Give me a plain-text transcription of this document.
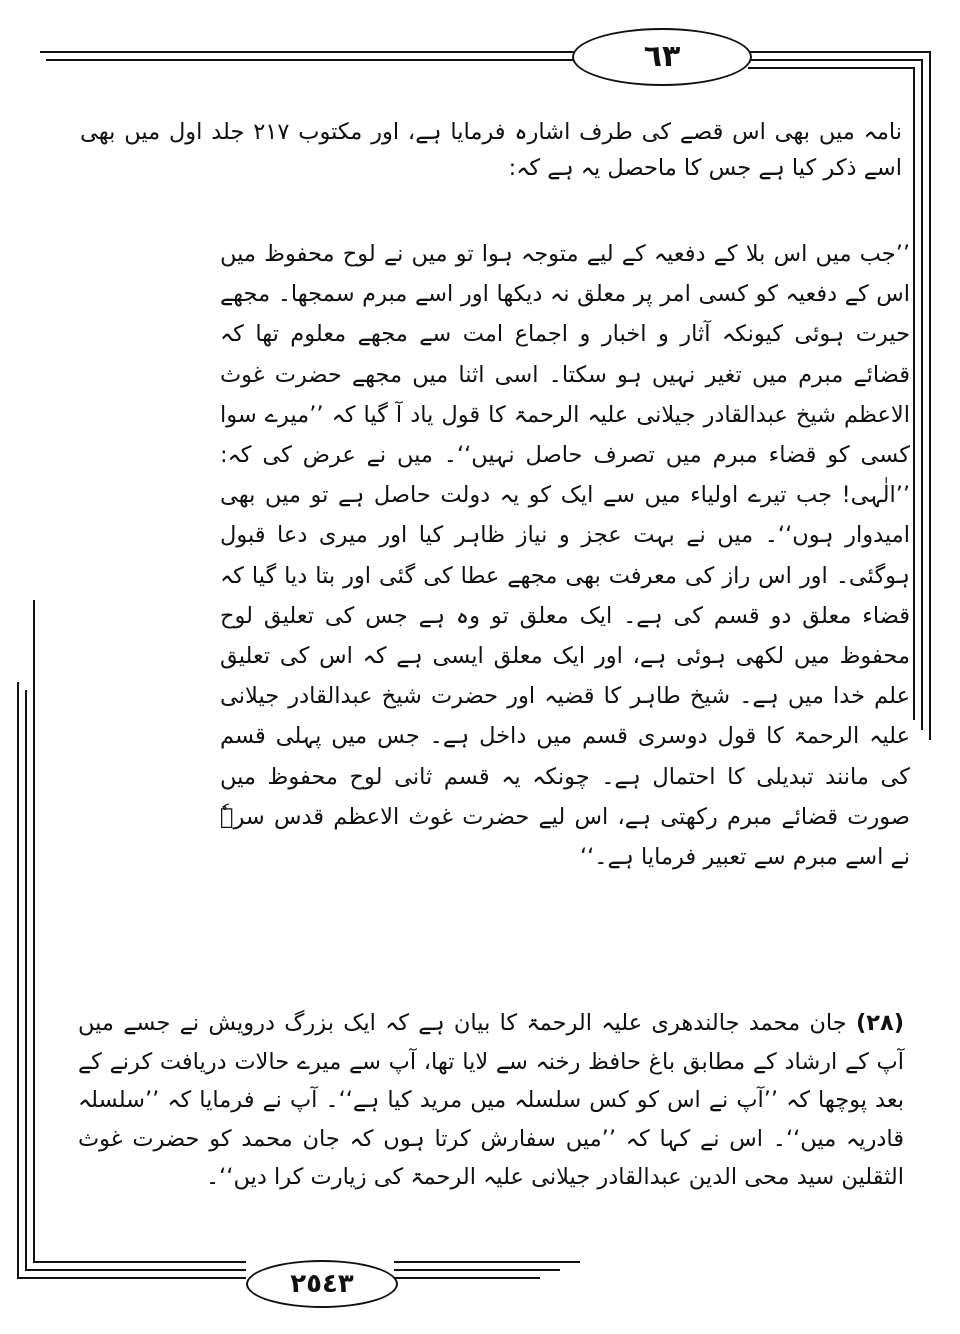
٦٣
٢٥٤٣
نامہ میں بھی اس قصے کی طرف اشارہ فرمایا ہے، اور مکتوب ۲۱۷ جلد اول میں بھی اسے ذکر کیا ہے جس کا ماحصل یہ ہے کہ:
’’جب میں اس بلا کے دفعیہ کے لیے متوجہ ہوا تو میں نے لوح محفوظ میں اس کے دفعیہ کو کسی امر پر معلق نہ دیکھا اور اسے مبرم سمجھا۔ مجھے حیرت ہوئی کیونکہ آثار و اخبار و اجماع امت سے مجھے معلوم تھا کہ قضائے مبرم میں تغیر نہیں ہو سکتا۔ اسی اثنا میں مجھے حضرت غوث الاعظم شیخ عبدالقادر جیلانی علیہ الرحمۃ کا قول یاد آ گیا کہ ’’میرے سوا کسی کو قضاء مبرم میں تصرف حاصل نہیں‘‘۔ میں نے عرض کی کہ: ’’الٰہی! جب تیرے اولیاء میں سے ایک کو یہ دولت حاصل ہے تو میں بھی امیدوار ہوں‘‘۔ میں نے بہت عجز و نیاز ظاہر کیا اور میری دعا قبول ہوگئی۔ اور اس راز کی معرفت بھی مجھے عطا کی گئی اور بتا دیا گیا کہ قضاء معلق دو قسم کی ہے۔ ایک معلق تو وہ ہے جس کی تعلیق لوح محفوظ میں لکھی ہوئی ہے، اور ایک معلق ایسی ہے کہ اس کی تعلیق علم خدا میں ہے۔ شیخ طاہر کا قضیہ اور حضرت شیخ عبدالقادر جیلانی علیہ الرحمۃ کا قول دوسری قسم میں داخل ہے۔ جس میں پہلی قسم کی مانند تبدیلی کا احتمال ہے۔ چونکہ یہ قسم ثانی لوح محفوظ میں صورت قضائے مبرم رکھتی ہے، اس لیے حضرت غوث الاعظم قدس سرہٗ نے اسے مبرم سے تعبیر فرمایا ہے۔‘‘
(۲۸) جان محمد جالندھری علیہ الرحمۃ کا بیان ہے کہ ایک بزرگ درویش نے جسے میں آپ کے ارشاد کے مطابق باغ حافظ رخنہ سے لایا تھا، آپ سے میرے حالات دریافت کرنے کے بعد پوچھا کہ ’’آپ نے اس کو کس سلسلہ میں مرید کیا ہے‘‘۔ آپ نے فرمایا کہ ’’سلسلہ قادریہ میں‘‘۔ اس نے کہا کہ ’’میں سفارش کرتا ہوں کہ جان محمد کو حضرت غوث الثقلین سید محی الدین عبدالقادر جیلانی علیہ الرحمۃ کی زیارت کرا دیں‘‘۔
